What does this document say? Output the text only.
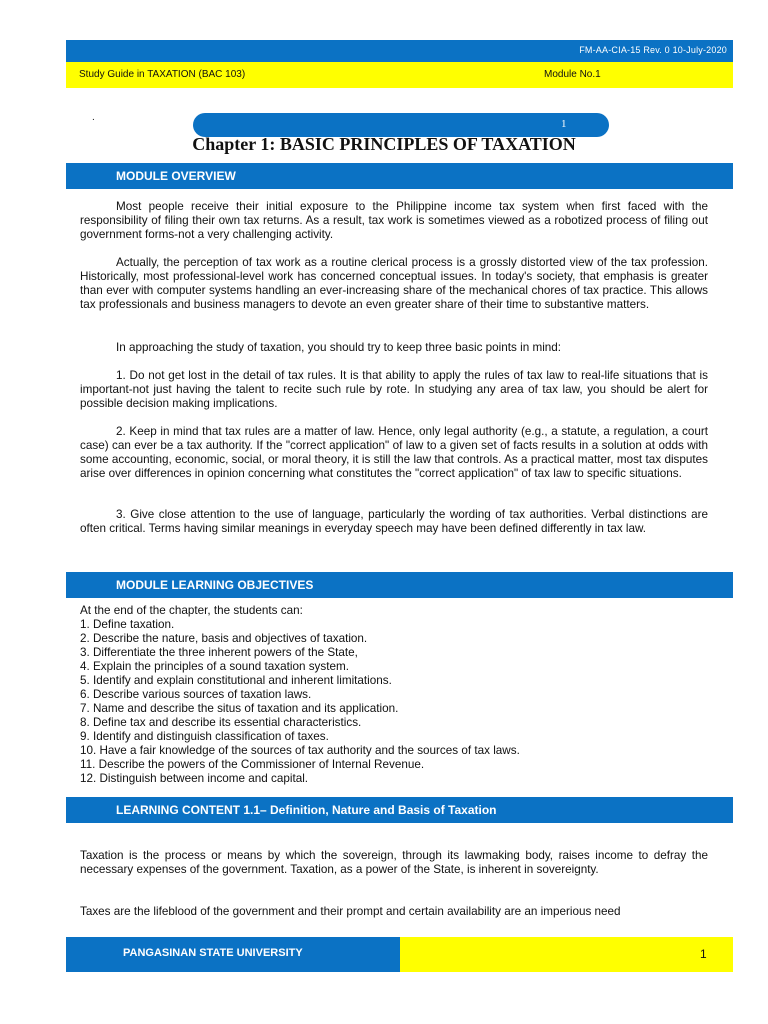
FM-AA-CIA-15 Rev. 0 10-July-2020
Study Guide in TAXATION (BAC 103)	Module No.1
.
1
Chapter 1: BASIC PRINCIPLES OF TAXATION
MODULE OVERVIEW
Most people receive their initial exposure to the Philippine income tax system when first faced with the responsibility of filing their own tax returns. As a result, tax work is sometimes viewed as a robotized process of filing out government forms-not a very challenging activity.
Actually, the perception of tax work as a routine clerical process is a grossly distorted view of the tax profession. Historically, most professional-level work has concerned conceptual issues. In today's society, that emphasis is greater than ever with computer systems handling an ever-increasing share of the mechanical chores of tax practice. This allows tax professionals and business managers to devote an even greater share of their time to substantive matters.
In approaching the study of taxation, you should try to keep three basic points in mind:
1. Do not get lost in the detail of tax rules. It is that ability to apply the rules of tax law to real-life situations that is important-not just having the talent to recite such rule by rote. In studying any area of tax law, you should be alert for possible decision making implications.
2. Keep in mind that tax rules are a matter of law. Hence, only legal authority (e.g., a statute, a regulation, a court case) can ever be a tax authority. If the "correct application" of law to a given set of facts results in a solution at odds with some accounting, economic, social, or moral theory, it is still the law that controls. As a practical matter, most tax disputes arise over differences in opinion concerning what constitutes the "correct application" of tax law to specific situations.
3. Give close attention to the use of language, particularly the wording of tax authorities. Verbal distinctions are often critical. Terms having similar meanings in everyday speech may have been defined differently in tax law.
MODULE LEARNING OBJECTIVES
At the end of the chapter, the students can:
1. Define taxation.
2. Describe the nature, basis and objectives of taxation.
3. Differentiate the three inherent powers of the State,
4. Explain the principles of a sound taxation system.
5. Identify and explain constitutional and inherent limitations.
6. Describe various sources of taxation laws.
7. Name and describe the situs of taxation and its application.
8. Define tax and describe its essential characteristics.
9. Identify and distinguish classification of taxes.
10. Have a fair knowledge of the sources of tax authority and the sources of tax laws.
11. Describe the powers of the Commissioner of Internal Revenue.
12. Distinguish between income and capital.
LEARNING CONTENT 1.1– Definition, Nature and Basis of Taxation
Taxation is the process or means by which the sovereign, through its lawmaking body, raises income to defray the necessary expenses of the government. Taxation, as a power of the State, is inherent in sovereignty.
Taxes are the lifeblood of the government and their prompt and certain availability are an imperious need
PANGASINAN STATE UNIVERSITY	1
